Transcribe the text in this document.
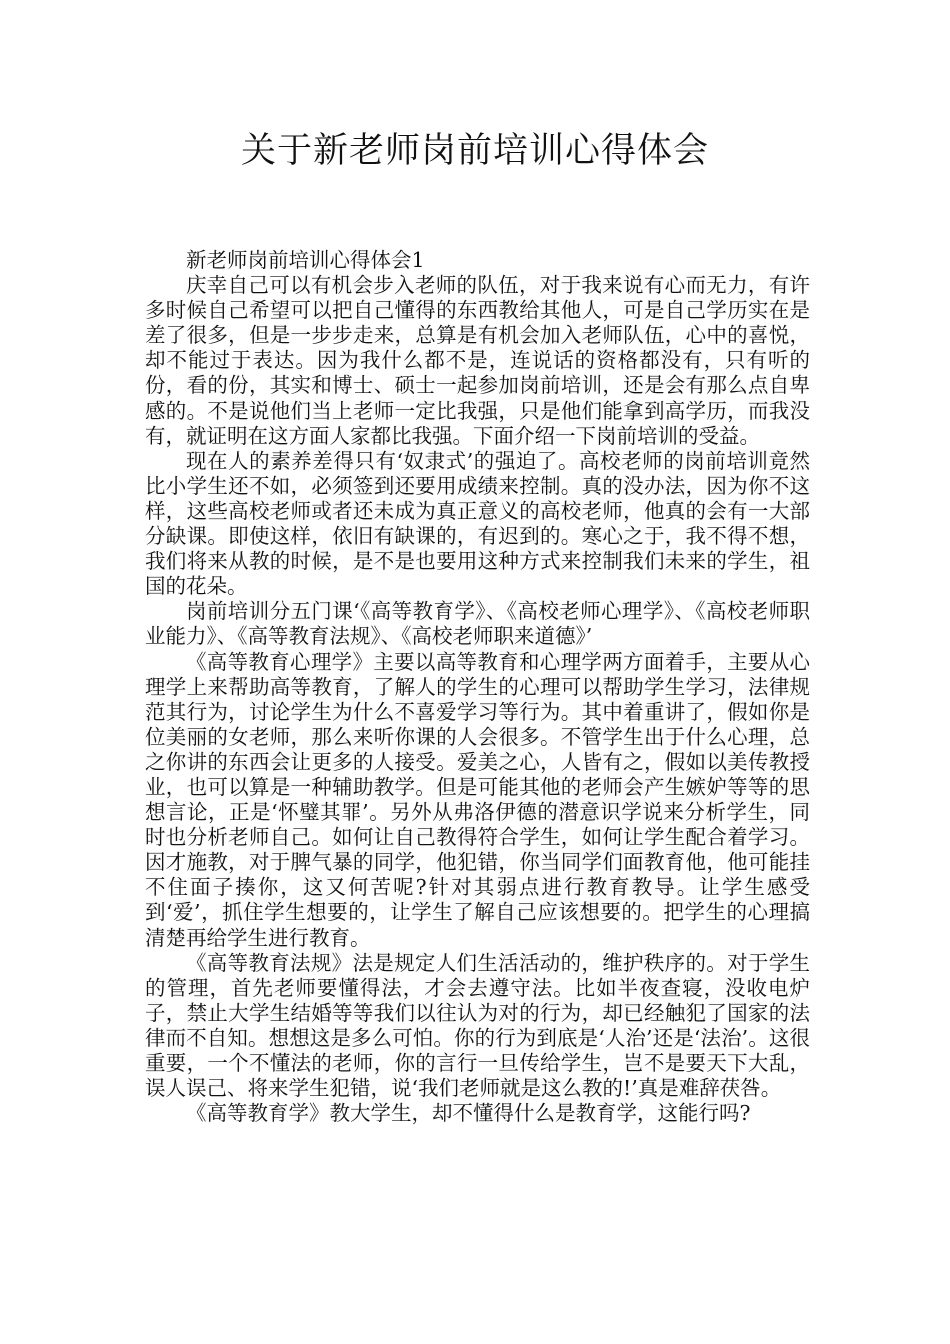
关于新老师岗前培训心得体会

新老师岗前培训心得体会1

庆幸自己可以有机会步入老师的队伍，对于我来说有心而无力，有许多时候自己希望可以把自己懂得的东西教给其他人，可是自己学历实在是差了很多，但是一步步走来，总算是有机会加入老师队伍，心中的喜悦，却不能过于表达。因为我什么都不是，连说话的资格都没有，只有听的份，看的份，其实和博士、硕士一起参加岗前培训，还是会有那么点自卑感的。不是说他们当上老师一定比我强，只是他们能拿到高学历，而我没有，就证明在这方面人家都比我强。下面介绍一下岗前培训的受益。

现在人的素养差得只有‘奴隶式’的强迫了。高校老师的岗前培训竟然比小学生还不如，必须签到还要用成绩来控制。真的没办法，因为你不这样，这些高校老师或者还未成为真正意义的高校老师，他真的会有一大部分缺课。即使这样，依旧有缺课的，有迟到的。寒心之于，我不得不想，我们将来从教的时候，是不是也要用这种方式来控制我们未来的学生，祖国的花朵。

岗前培训分五门课‘《高等教育学》、《高校老师心理学》、《高校老师职业能力》、《高等教育法规》、《高校老师职来道德》’

《高等教育心理学》主要以高等教育和心理学两方面着手，主要从心理学上来帮助高等教育，了解人的学生的心理可以帮助学生学习，法律规范其行为，讨论学生为什么不喜爱学习等行为。其中着重讲了，假如你是位美丽的女老师，那么来听你课的人会很多。不管学生出于什么心理，总之你讲的东西会让更多的人接受。爱美之心，人皆有之，假如以美传教授业，也可以算是一种辅助教学。但是可能其他的老师会产生嫉妒等等的思想言论，正是‘怀璧其罪’。另外从弗洛伊德的潜意识学说来分析学生，同时也分析老师自己。如何让自己教得符合学生，如何让学生配合着学习。因才施教，对于脾气暴的同学，他犯错，你当同学们面教育他，他可能挂不住面子揍你，这又何苦呢?针对其弱点进行教育教导。让学生感受到‘爱’，抓住学生想要的，让学生了解自己应该想要的。把学生的心理搞清楚再给学生进行教育。

《高等教育法规》法是规定人们生活活动的，维护秩序的。对于学生的管理，首先老师要懂得法，才会去遵守法。比如半夜查寝，没收电炉子，禁止大学生结婚等等我们以往认为对的行为，却已经触犯了国家的法律而不自知。想想这是多么可怕。你的行为到底是‘人治’还是‘法治’。这很重要，一个不懂法的老师，你的言行一旦传给学生，岂不是要天下大乱，误人误己、将来学生犯错，说‘我们老师就是这么教的!’真是难辞茯咎。

《高等教育学》教大学生，却不懂得什么是教育学，这能行吗?
